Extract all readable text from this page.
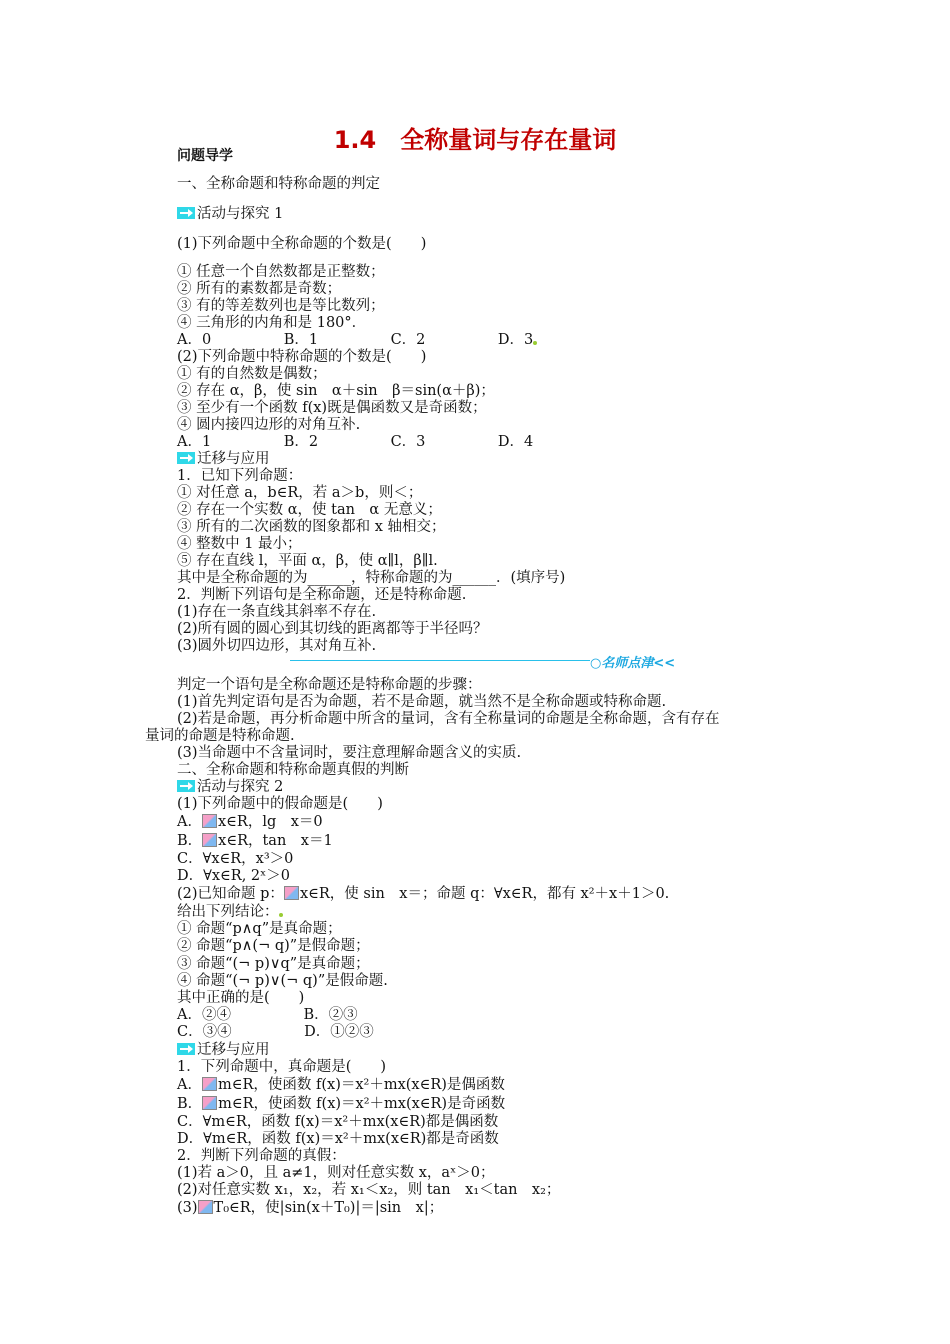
1.4　全称量词与存在量词
问题导学
一、全称命题和特称命题的判定
活动与探究 1
(1)下列命题中全称命题的个数是(　　)
① 任意一个自然数都是正整数；
② 所有的素数都是奇数；
③ 有的等差数列也是等比数列；
④ 三角形的内角和是 180°．
A．0　　　　　B．1　　　　　C．2　　　　　D．3
(2)下列命题中特称命题的个数是(　　)
① 有的自然数是偶数；
② 存在 α，β，使 sin　α＋sin　β＝sin(α＋β)；
③ 至少有一个函数 f(x)既是偶函数又是奇函数；
④ 圆内接四边形的对角互补.
A．1　　　　　B．2　　　　　C．3　　　　　D．4
迁移与应用
1．已知下列命题：
① 对任意 a，b∈R，若 a＞b，则＜；
② 存在一个实数 α，使 tan　α 无意义；
③ 所有的二次函数的图象都和 x 轴相交；
④ 整数中 1 最小；
⑤ 存在直线 l，平面 α，β，使 α∥l，β∥l.
其中是全称命题的为______，特称命题的为______．(填序号)
2．判断下列语句是全称命题，还是特称命题.
(1)存在一条直线其斜率不存在.
(2)所有圆的圆心到其切线的距离都等于半径吗？
(3)圆外切四边形，其对角互补.
○名师点津<<
判定一个语句是全称命题还是特称命题的步骤：
(1)首先判定语句是否为命题，若不是命题，就当然不是全称命题或特称命题.
(2)若是命题，再分析命题中所含的量词，含有全称量词的命题是全称命题，含有存在
量词的命题是特称命题.
(3)当命题中不含量词时，要注意理解命题含义的实质.
二、全称命题和特称命题真假的判断
活动与探究 2
(1)下列命题中的假命题是(　　)
A． x∈R，lg　x＝0
B． x∈R，tan　x＝1
C．∀x∈R，x³＞0
D．∀x∈R, 2ˣ＞0
(2)已知命题 p： x∈R，使 sin　x＝；命题 q：∀x∈R，都有 x²＋x＋1＞0.
给出下列结论：
① 命题“p∧q”是真命题；
② 命题“p∧(¬ q)”是假命题；
③ 命题“(¬ p)∨q”是真命题；
④ 命题“(¬ p)∨(¬ q)”是假命题.
其中正确的是(　　)
A．②④　　　　　B．②③
C．③④　　　　　D．①②③
迁移与应用
1．下列命题中，真命题是(　　)
A． m∈R，使函数 f(x)＝x²＋mx(x∈R)是偶函数
B． m∈R，使函数 f(x)＝x²＋mx(x∈R)是奇函数
C．∀m∈R，函数 f(x)＝x²＋mx(x∈R)都是偶函数
D．∀m∈R，函数 f(x)＝x²＋mx(x∈R)都是奇函数
2．判断下列命题的真假：
(1)若 a＞0，且 a≠1，则对任意实数 x，aˣ＞0；
(2)对任意实数 x₁，x₂，若 x₁＜x₂，则 tan　x₁＜tan　x₂；
(3) T₀∈R，使|sin(x＋T₀)|＝|sin　x|；
